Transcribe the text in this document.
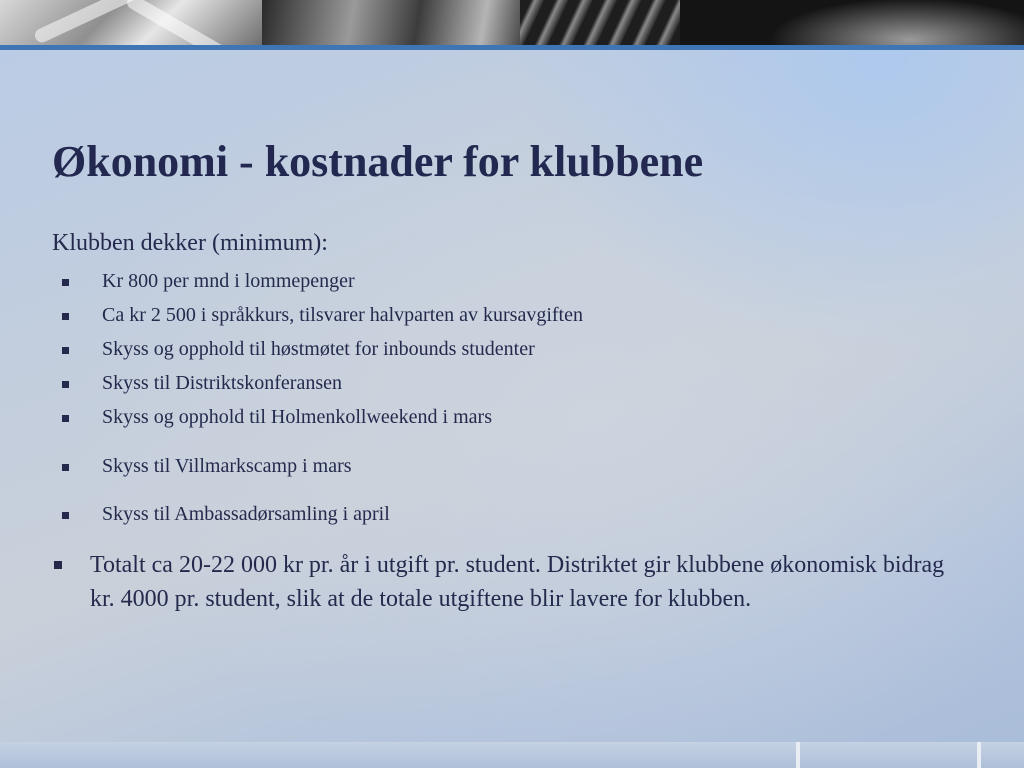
Økonomi - kostnader for klubbene
Klubben dekker (minimum):
Kr 800 per mnd i lommepenger
Ca kr 2 500 i språkkurs, tilsvarer halvparten av kursavgiften
Skyss og opphold til høstmøtet for inbounds studenter
Skyss til Distriktskonferansen
Skyss og opphold til Holmenkollweekend i mars
Skyss til Villmarkscamp i mars
Skyss til Ambassadørsamling i april

Totalt ca 20-22 000 kr pr. år i utgift pr. student. Distriktet gir klubbene økonomisk bidrag kr. 4000 pr. student, slik at de totale utgiftene blir lavere for klubben.
